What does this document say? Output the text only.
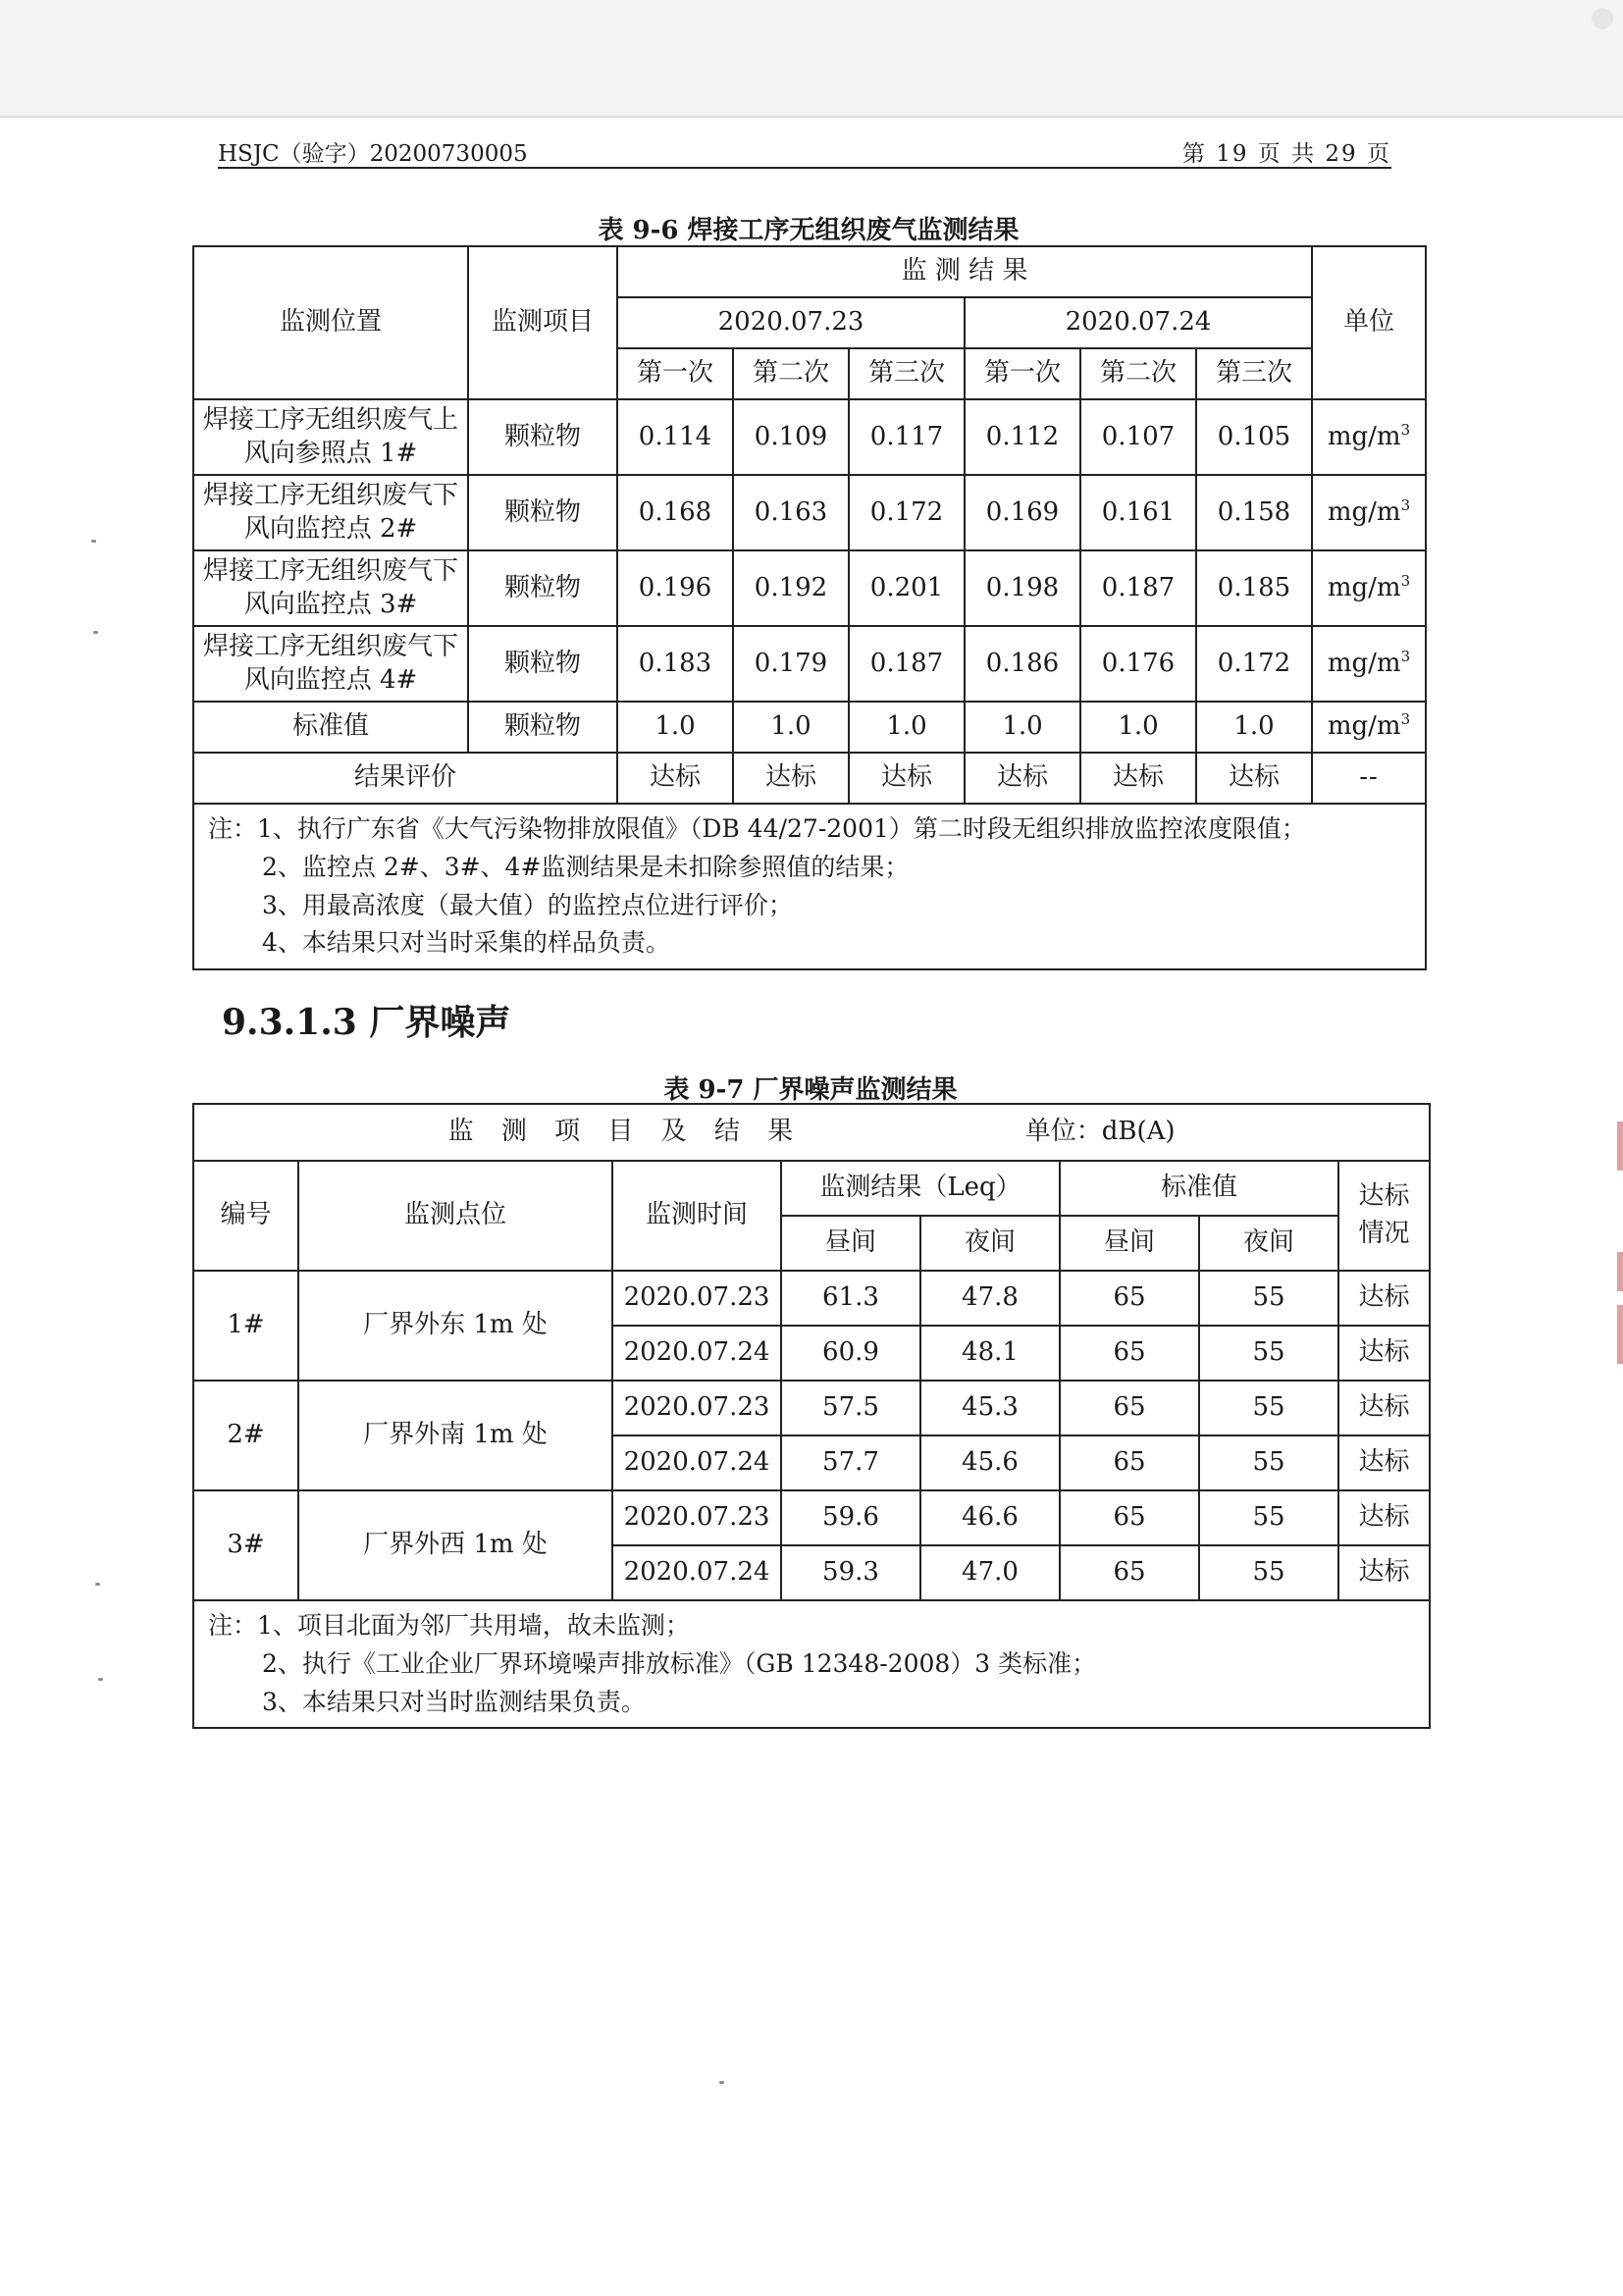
HSJC（验字）20200730005	第 19 页 共 29 页
表 9-6 焊接工序无组织废气监测结果
监测位置	监测项目	监 测 结 果						单位
		2020.07.23			2020.07.24			
		第一次	第二次	第三次	第一次	第二次	第三次	
焊接工序无组织废气上风向参照点 1#	颗粒物	0.114	0.109	0.117	0.112	0.107	0.105	$mg/m^3$
焊接工序无组织废气下风向监控点 2#	颗粒物	0.168	0.163	0.172	0.169	0.161	0.158	$mg/m^3$
焊接工序无组织废气下风向监控点 3#	颗粒物	0.196	0.192	0.201	0.198	0.187	0.185	$mg/m^3$
焊接工序无组织废气下风向监控点 4#	颗粒物	0.183	0.179	0.187	0.186	0.176	0.172	$mg/m^3$
标准值	颗粒物	1.0	1.0	1.0	1.0	1.0	1.0	$mg/m^3$
结果评价		达标	达标	达标	达标	达标	达标	--

注：1、执行广东省《大气污染物排放限值》（DB 44/27-2001）第二时段无组织排放监控浓度限值；
2、监控点 2#、3#、4#监测结果是未扣除参照值的结果；
3、用最高浓度（最大值）的监控点位进行评价；
4、本结果只对当时采集的样品负责。								
9.3.1.3 厂界噪声
表 9-7 厂界噪声监测结果
监 测 项 目 及 结 果 单位：dB(A)							
编号	监测点位	监测时间	监测结果（Leq）		标准值		达标情况

			昼间	夜间	昼间	夜间	
1#	厂界外东 1m 处	2020.07.23	61.3	47.8	65	55	达标
		2020.07.24	60.9	48.1	65	55	达标
2#	厂界外南 1m 处	2020.07.23	57.5	45.3	65	55	达标
		2020.07.24	57.7	45.6	65	55	达标
3#	厂界外西 1m 处	2020.07.23	59.6	46.6	65	55	达标
		2020.07.24	59.3	47.0	65	55	达标

注：1、项目北面为邻厂共用墙，故未监测；
2、执行《工业企业厂界环境噪声排放标准》（GB 12348-2008）3 类标准；
3、本结果只对当时监测结果负责。							
